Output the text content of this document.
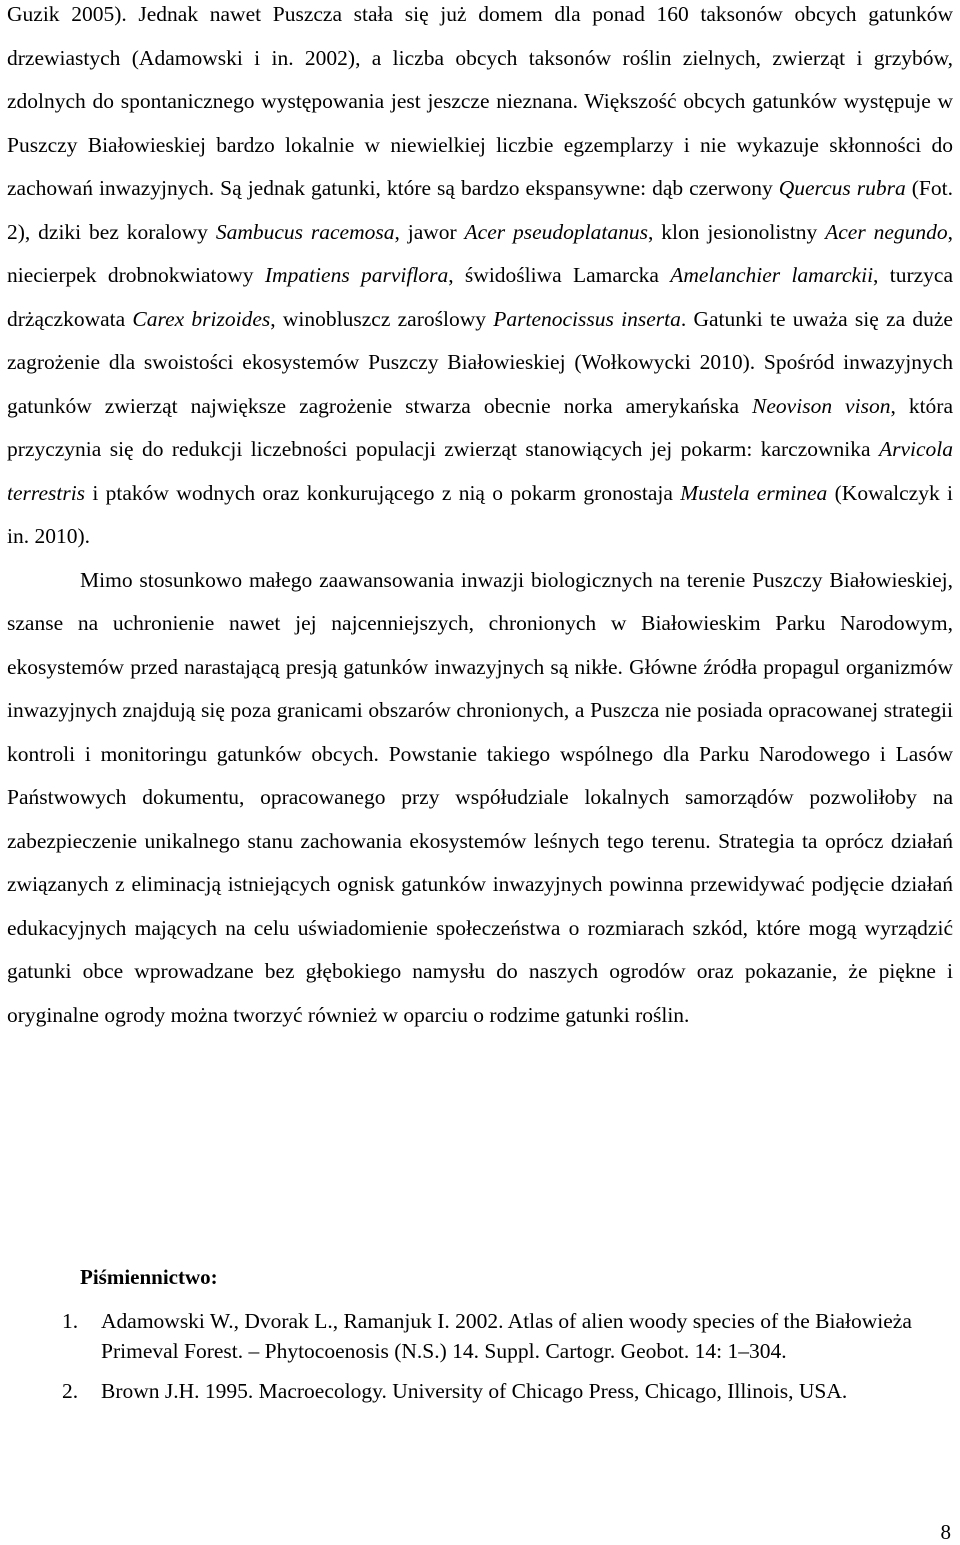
Guzik 2005). Jednak nawet Puszcza stała się już domem dla ponad 160 taksonów obcych gatunków drzewiastych (Adamowski i in. 2002), a liczba obcych taksonów roślin zielnych, zwierząt i grzybów, zdolnych do spontanicznego występowania jest jeszcze nieznana. Większość obcych gatunków występuje w Puszczy Białowieskiej bardzo lokalnie w niewielkiej liczbie egzemplarzy i nie wykazuje skłonności do zachowań inwazyjnych. Są jednak gatunki, które są bardzo ekspansywne: dąb czerwony Quercus rubra (Fot. 2), dziki bez koralowy Sambucus racemosa, jawor Acer pseudoplatanus, klon jesionolistny Acer negundo, niecierpek drobnokwiatowy Impatiens parviflora, świdośliwa Lamarcka Amelanchier lamarckii, turzyca drżączkowata Carex brizoides, winobluszcz zaroślowy Partenocissus inserta. Gatunki te uważa się za duże zagrożenie dla swoistości ekosystemów Puszczy Białowieskiej (Wołkowycki 2010). Spośród inwazyjnych gatunków zwierząt największe zagrożenie stwarza obecnie norka amerykańska Neovison vison, która przyczynia się do redukcji liczebności populacji zwierząt stanowiących jej pokarm: karczownika Arvicola terrestris i ptaków wodnych oraz konkurującego z nią o pokarm gronostaja Mustela erminea (Kowalczyk i in. 2010).

Mimo stosunkowo małego zaawansowania inwazji biologicznych na terenie Puszczy Białowieskiej, szanse na uchronienie nawet jej najcenniejszych, chronionych w Białowieskim Parku Narodowym, ekosystemów przed narastającą presją gatunków inwazyjnych są nikłe. Główne źródła propagul organizmów inwazyjnych znajdują się poza granicami obszarów chronionych, a Puszcza nie posiada opracowanej strategii kontroli i monitoringu gatunków obcych. Powstanie takiego wspólnego dla Parku Narodowego i Lasów Państwowych dokumentu, opracowanego przy współudziale lokalnych samorządów pozwoliłoby na zabezpieczenie unikalnego stanu zachowania ekosystemów leśnych tego terenu. Strategia ta oprócz działań związanych z eliminacją istniejących ognisk gatunków inwazyjnych powinna przewidywać podjęcie działań edukacyjnych mających na celu uświadomienie społeczeństwa o rozmiarach szkód, które mogą wyrządzić gatunki obce wprowadzane bez głębokiego namysłu do naszych ogrodów oraz pokazanie, że piękne i oryginalne ogrody można tworzyć również w oparciu o rodzime gatunki roślin.

Piśmiennictwo:
1. Adamowski W., Dvorak L., Ramanjuk I. 2002. Atlas of alien woody species of the Białowieża Primeval Forest. – Phytocoenosis (N.S.) 14. Suppl. Cartogr. Geobot. 14: 1–304.
2. Brown J.H. 1995. Macroecology. University of Chicago Press, Chicago, Illinois, USA.
8
